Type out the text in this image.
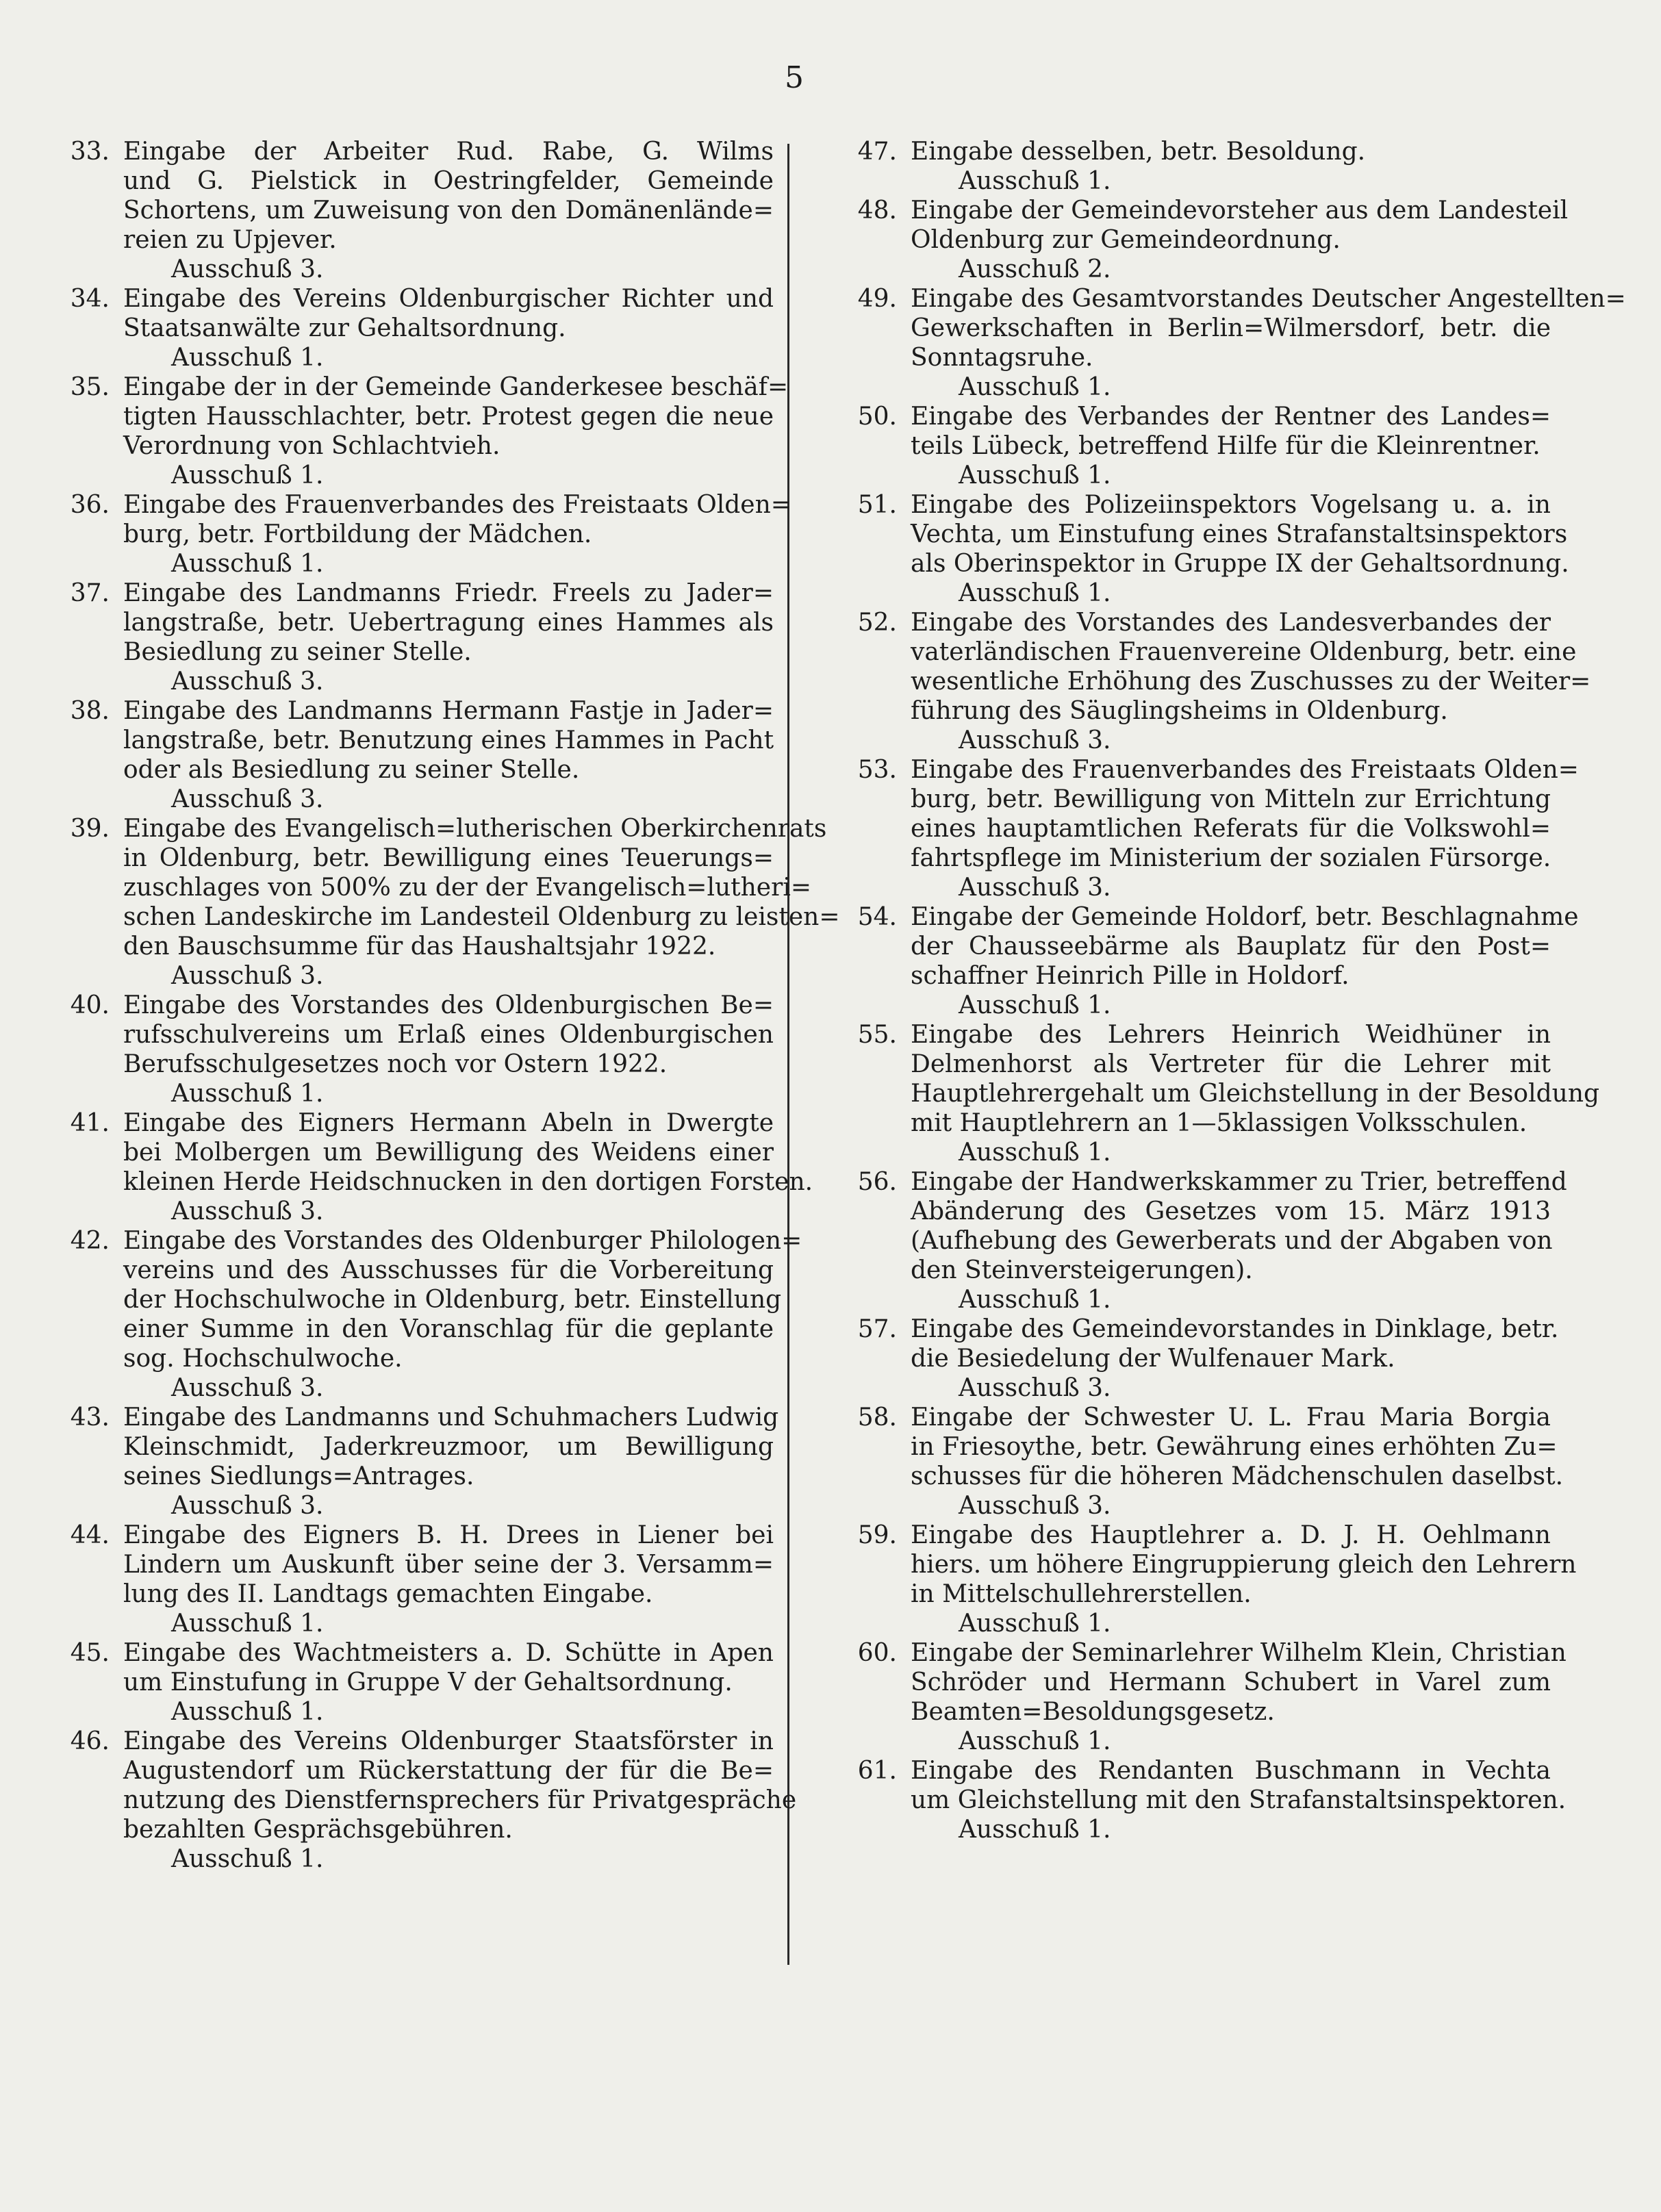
5
33. Eingabe der Arbeiter Rud. Rabe, G. Wilms
und G. Pielstick in Oestringfelder, Gemeinde
Schortens, um Zuweisung von den Domänenlände=
reien zu Upjever.
Ausschuß 3.
34. Eingabe des Vereins Oldenburgischer Richter und
Staatsanwälte zur Gehaltsordnung.
Ausschuß 1.
35. Eingabe der in der Gemeinde Ganderkesee beschäf=
tigten Hausschlachter, betr. Protest gegen die neue
Verordnung von Schlachtvieh.
Ausschuß 1.
36. Eingabe des Frauenverbandes des Freistaats Olden=
burg, betr. Fortbildung der Mädchen.
Ausschuß 1.
37. Eingabe des Landmanns Friedr. Freels zu Jader=
langstraße, betr. Uebertragung eines Hammes als
Besiedlung zu seiner Stelle.
Ausschuß 3.
38. Eingabe des Landmanns Hermann Fastje in Jader=
langstraße, betr. Benutzung eines Hammes in Pacht
oder als Besiedlung zu seiner Stelle.
Ausschuß 3.
39. Eingabe des Evangelisch=lutherischen Oberkirchenrats
in Oldenburg, betr. Bewilligung eines Teuerungs=
zuschlages von 500% zu der der Evangelisch=lutheri=
schen Landeskirche im Landesteil Oldenburg zu leisten=
den Bauschsumme für das Haushaltsjahr 1922.
Ausschuß 3.
40. Eingabe des Vorstandes des Oldenburgischen Be=
rufsschulvereins um Erlaß eines Oldenburgischen
Berufsschulgesetzes noch vor Ostern 1922.
Ausschuß 1.
41. Eingabe des Eigners Hermann Abeln in Dwergte
bei Molbergen um Bewilligung des Weidens einer
kleinen Herde Heidschnucken in den dortigen Forsten.
Ausschuß 3.
42. Eingabe des Vorstandes des Oldenburger Philologen=
vereins und des Ausschusses für die Vorbereitung
der Hochschulwoche in Oldenburg, betr. Einstellung
einer Summe in den Voranschlag für die geplante
sog. Hochschulwoche.
Ausschuß 3.
43. Eingabe des Landmanns und Schuhmachers Ludwig
Kleinschmidt, Jaderkreuzmoor, um Bewilligung
seines Siedlungs=Antrages.
Ausschuß 3.
44. Eingabe des Eigners B. H. Drees in Liener bei
Lindern um Auskunft über seine der 3. Versamm=
lung des II. Landtags gemachten Eingabe.
Ausschuß 1.
45. Eingabe des Wachtmeisters a. D. Schütte in Apen
um Einstufung in Gruppe V der Gehaltsordnung.
Ausschuß 1.
46. Eingabe des Vereins Oldenburger Staatsförster in
Augustendorf um Rückerstattung der für die Be=
nutzung des Dienstfernsprechers für Privatgespräche
bezahlten Gesprächsgebühren.
Ausschuß 1.
47. Eingabe desselben, betr. Besoldung.
Ausschuß 1.
48. Eingabe der Gemeindevorsteher aus dem Landesteil
Oldenburg zur Gemeindeordnung.
Ausschuß 2.
49. Eingabe des Gesamtvorstandes Deutscher Angestellten=
Gewerkschaften in Berlin=Wilmersdorf, betr. die
Sonntagsruhe.
Ausschuß 1.
50. Eingabe des Verbandes der Rentner des Landes=
teils Lübeck, betreffend Hilfe für die Kleinrentner.
Ausschuß 1.
51. Eingabe des Polizeiinspektors Vogelsang u. a. in
Vechta, um Einstufung eines Strafanstaltsinspektors
als Oberinspektor in Gruppe IX der Gehaltsordnung.
Ausschuß 1.
52. Eingabe des Vorstandes des Landesverbandes der
vaterländischen Frauenvereine Oldenburg, betr. eine
wesentliche Erhöhung des Zuschusses zu der Weiter=
führung des Säuglingsheims in Oldenburg.
Ausschuß 3.
53. Eingabe des Frauenverbandes des Freistaats Olden=
burg, betr. Bewilligung von Mitteln zur Errichtung
eines hauptamtlichen Referats für die Volkswohl=
fahrtspflege im Ministerium der sozialen Fürsorge.
Ausschuß 3.
54. Eingabe der Gemeinde Holdorf, betr. Beschlagnahme
der Chausseebärme als Bauplatz für den Post=
schaffner Heinrich Pille in Holdorf.
Ausschuß 1.
55. Eingabe des Lehrers Heinrich Weidhüner in
Delmenhorst als Vertreter für die Lehrer mit
Hauptlehrergehalt um Gleichstellung in der Besoldung
mit Hauptlehrern an 1—5klassigen Volksschulen.
Ausschuß 1.
56. Eingabe der Handwerkskammer zu Trier, betreffend
Abänderung des Gesetzes vom 15. März 1913
(Aufhebung des Gewerberats und der Abgaben von
den Steinversteigerungen).
Ausschuß 1.
57. Eingabe des Gemeindevorstandes in Dinklage, betr.
die Besiedelung der Wulfenauer Mark.
Ausschuß 3.
58. Eingabe der Schwester U. L. Frau Maria Borgia
in Friesoythe, betr. Gewährung eines erhöhten Zu=
schusses für die höheren Mädchenschulen daselbst.
Ausschuß 3.
59. Eingabe des Hauptlehrer a. D. J. H. Oehlmann
hiers. um höhere Eingruppierung gleich den Lehrern
in Mittelschullehrerstellen.
Ausschuß 1.
60. Eingabe der Seminarlehrer Wilhelm Klein, Christian
Schröder und Hermann Schubert in Varel zum
Beamten=Besoldungsgesetz.
Ausschuß 1.
61. Eingabe des Rendanten Buschmann in Vechta
um Gleichstellung mit den Strafanstaltsinspektoren.
Ausschuß 1.
